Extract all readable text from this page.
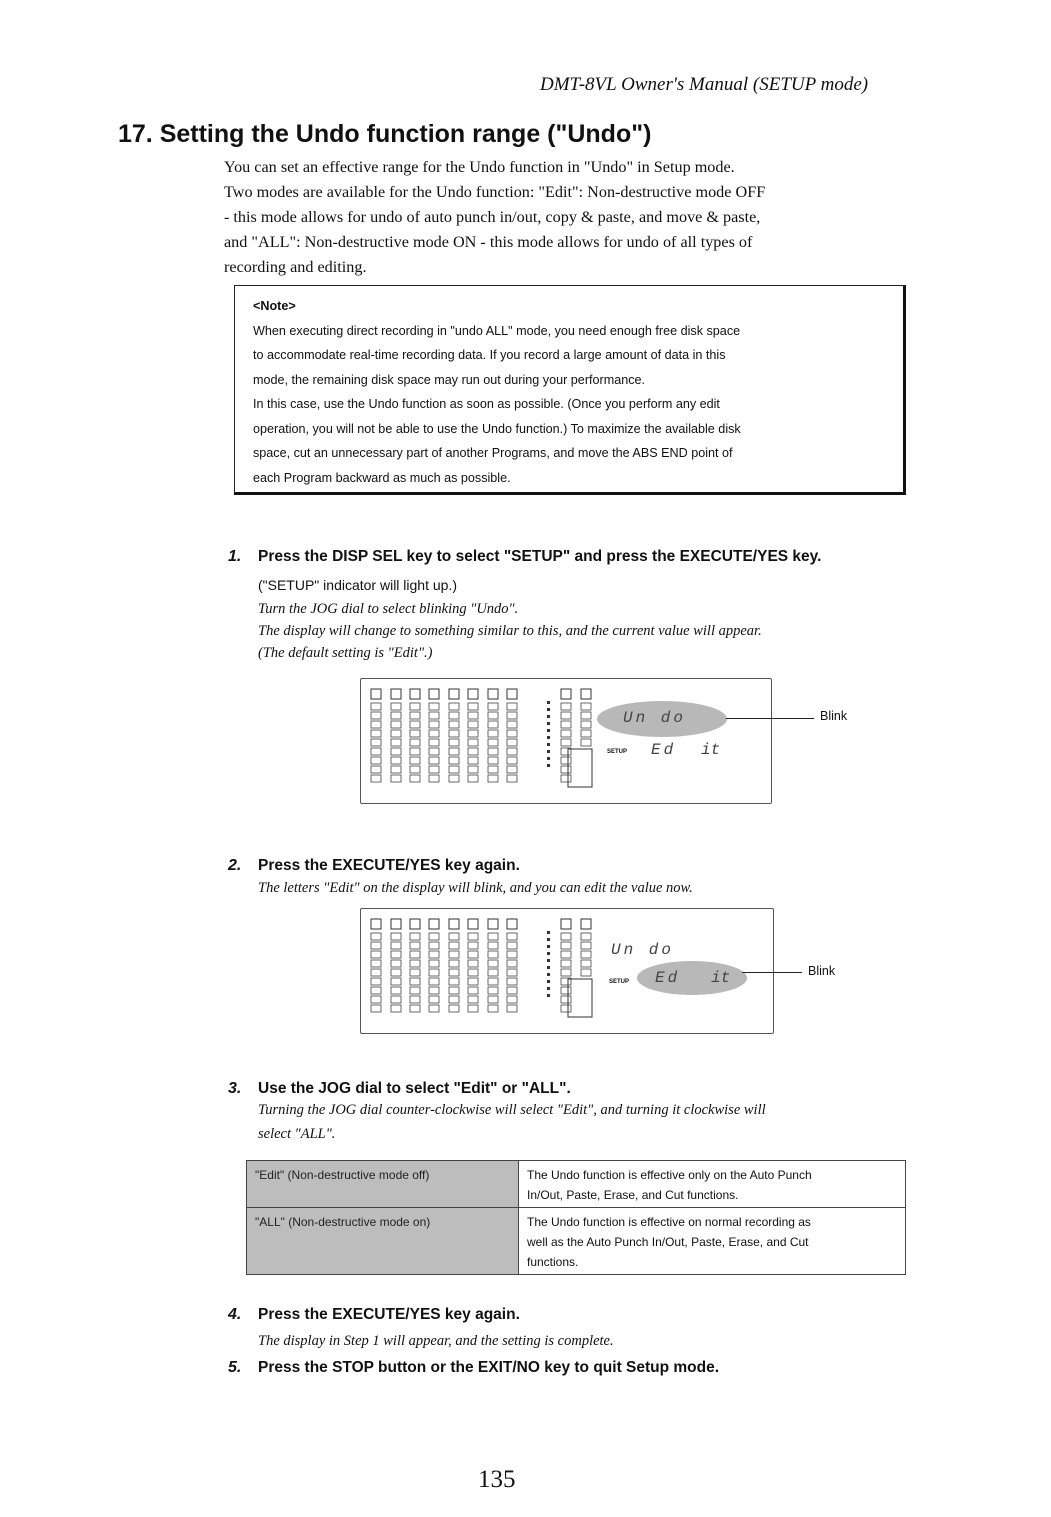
DMT-8VL Owner's Manual (SETUP mode)
17. Setting the Undo function range ("Undo")
You can set an effective range for the Undo function in "Undo" in Setup mode.
Two modes are available for the Undo function: "Edit": Non-destructive mode OFF
- this mode allows for undo of auto punch in/out, copy & paste, and move & paste,
and "ALL": Non-destructive mode ON - this mode allows for undo of all types of
recording and editing.

<Note>

When executing direct recording in "undo ALL" mode, you need enough free disk space

to accommodate real-time recording data. If you record a large amount of data in this

mode, the remaining disk space may run out during your performance.

In this case, use the Undo function as soon as possible. (Once you perform any edit

operation, you will not be able to use the Undo function.) To maximize the available disk

space, cut an unnecessary part of another Programs, and move the ABS END point of

each Program backward as much as possible.

1. Press the DISP SEL key to select "SETUP" and press the EXECUTE/YES key.
("SETUP" indicator will light up.)
Turn the JOG dial to select blinking "Undo".
The display will change to something similar to this, and the current value will appear.
(The default setting is "Edit".)
Un do
SETUP Ed it
Blink
2. Press the EXECUTE/YES key again.
The letters "Edit" on the display will blink, and you can edit the value now.
Un do
SETUP Ed it	Blink
3. Use the JOG dial to select "Edit" or "ALL".
Turning the JOG dial counter-clockwise will select "Edit", and turning it clockwise will
select "ALL".
"Edit" (Non-destructive mode off)	The Undo function is effective only on the Auto Punch
In/Out, Paste, Erase, and Cut functions.

"ALL" (Non-destructive mode on)	The Undo function is effective on normal recording as
well as the Auto Punch In/Out, Paste, Erase, and Cut
functions.
4. Press the EXECUTE/YES key again.
The display in Step 1 will appear, and the setting is complete.
5. Press the STOP button or the EXIT/NO key to quit Setup mode.
135
